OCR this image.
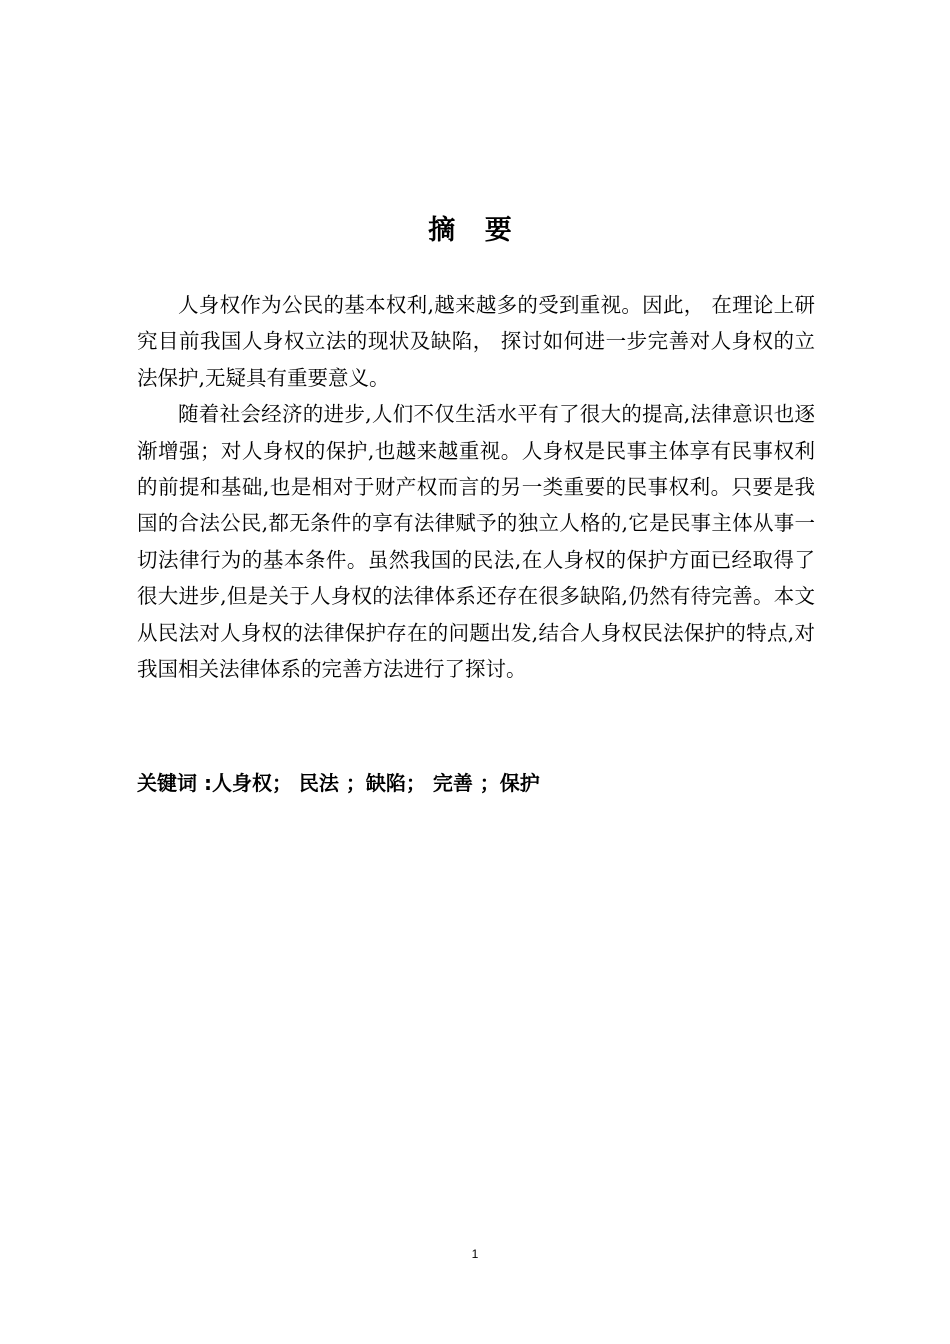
摘 要

人身权作为公民的基本权利,越来越多的受到重视。因此， 在理论上研究目前我国人身权立法的现状及缺陷， 探讨如何进一步完善对人身权的立法保护,无疑具有重要意义。

随着社会经济的进步,人们不仅生活水平有了很大的提高,法律意识也逐渐增强；对人身权的保护,也越来越重视。人身权是民事主体享有民事权利的前提和基础,也是相对于财产权而言的另一类重要的民事权利。只要是我国的合法公民,都无条件的享有法律赋予的独立人格的,它是民事主体从事一切法律行为的基本条件。虽然我国的民法,在人身权的保护方面已经取得了很大进步,但是关于人身权的法律体系还存在很多缺陷,仍然有待完善。本文从民法对人身权的法律保护存在的问题出发,结合人身权民法保护的特点,对我国相关法律体系的完善方法进行了探讨。

关键词 :人身权； 民法 ；缺陷； 完善 ；保护
1
